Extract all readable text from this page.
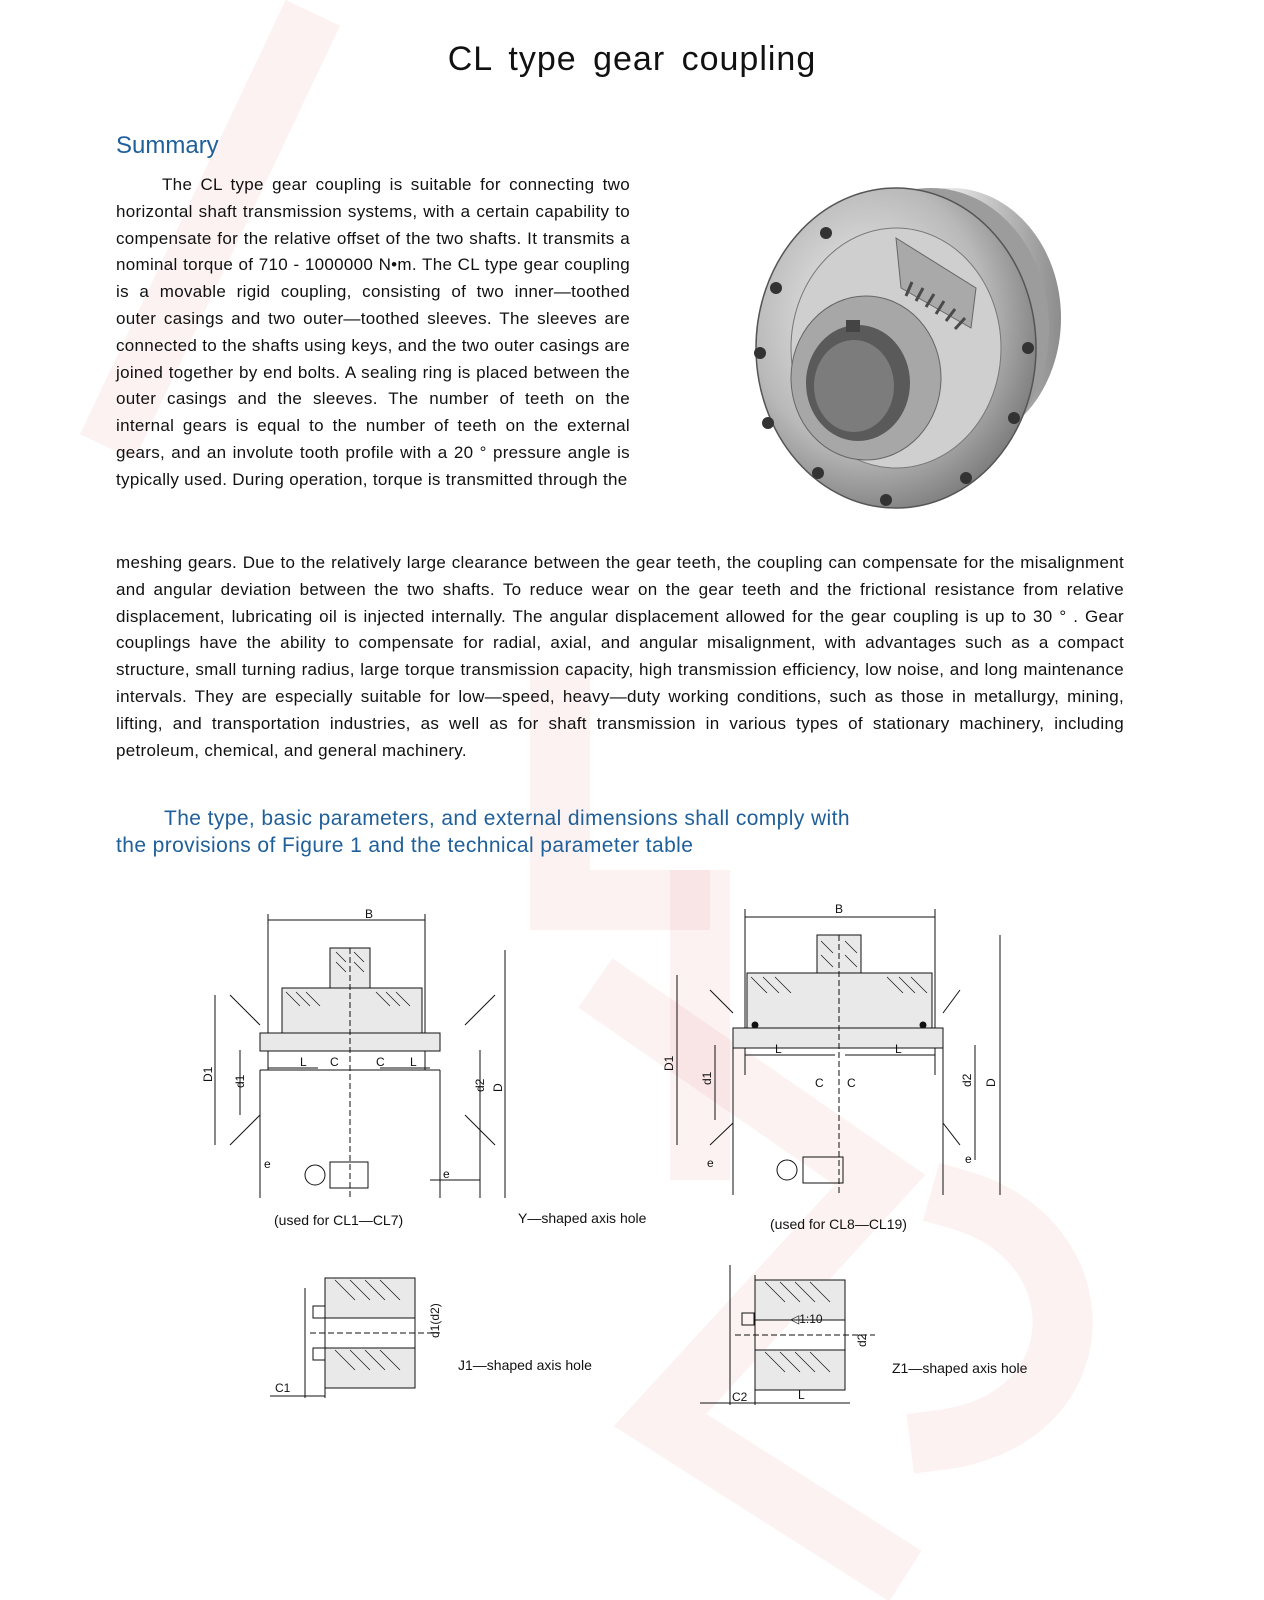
CL type gear coupling
Summary
The CL type gear coupling is suitable for connecting two horizontal shaft transmission systems, with a certain capability to compensate for the relative offset of the two shafts. It transmits a nominal torque of 710 - 1000000 N•m. The CL type gear coupling is a movable rigid coupling, consisting of two inner—toothed outer casings and two outer—toothed sleeves. The sleeves are connected to the shafts using keys, and the two outer casings are joined together by end bolts. A sealing ring is placed between the outer casings and the sleeves. The number of teeth on the internal gears is equal to the number of teeth on the external gears, and an involute tooth profile with a 20 ° pressure angle is typically used. During operation, torque is transmitted through the
meshing gears. Due to the relatively large clearance between the gear teeth, the coupling can compensate for the misalignment and angular deviation between the two shafts. To reduce wear on the gear teeth and the frictional resistance from relative displacement, lubricating oil is injected internally. The angular displacement allowed for the gear coupling is up to 30 ° . Gear couplings have the ability to compensate for radial, axial, and angular misalignment, with advantages such as a compact structure, small turning radius, large torque transmission capacity, high transmission efficiency, low noise, and long maintenance intervals. They are especially suitable for low—speed, heavy—duty working conditions, such as those in metallurgy, mining, lifting, and transportation industries, as well as for shaft transmission in various types of stationary machinery, including petroleum, chemical, and general machinery.
The type, basic parameters, and external dimensions shall comply with
the provisions of Figure 1 and the technical parameter table
B
D1 d1	d2 D
L C	C L
e
e
(used for CL1—CL7)	Y—shaped axis hole
B
D1
d1	d2 D
L
C C
L
e	e
(used for CL8—CL19)
d1(d2)
C1
J1—shaped axis hole
◁1:10
d2
C2	L
Z1—shaped axis hole
